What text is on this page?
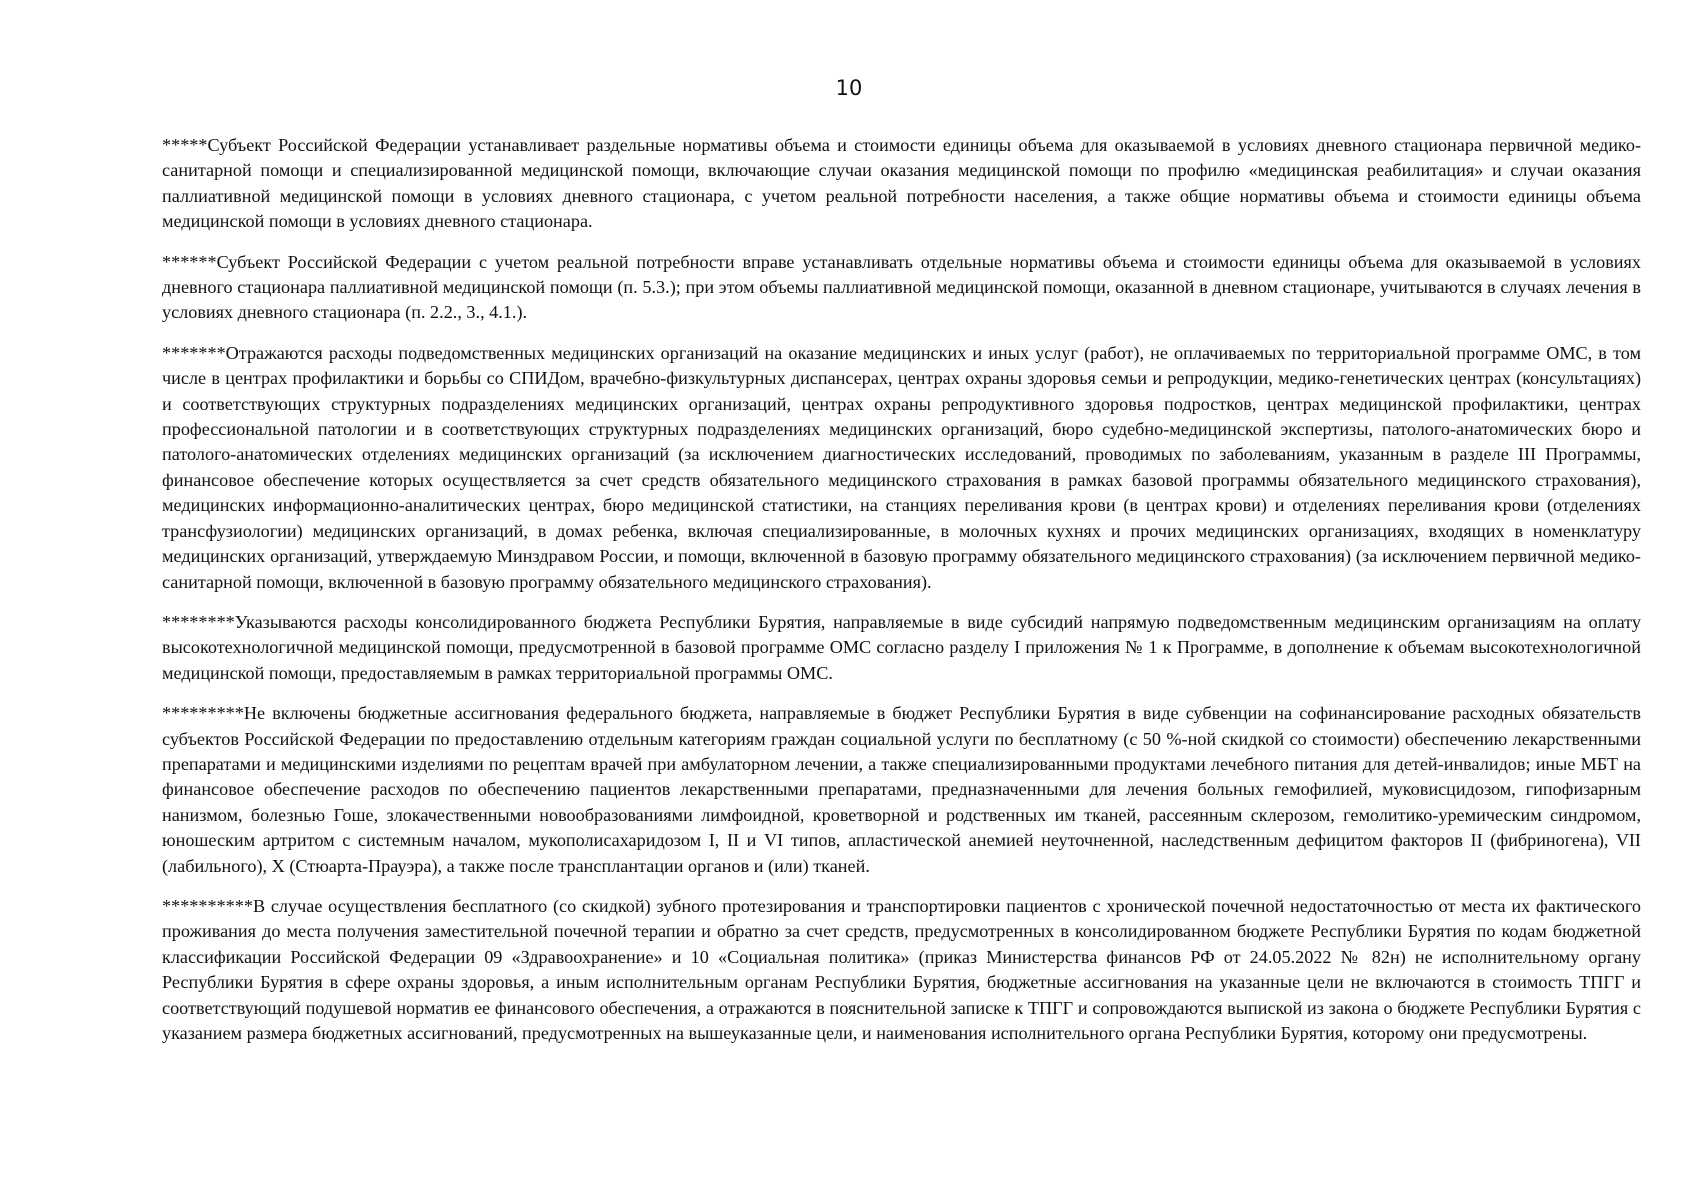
10

*****Субъект Российской Федерации устанавливает раздельные нормативы объема и стоимости единицы объема для оказываемой в условиях дневного стационара первичной медико-санитарной помощи и специализированной медицинской помощи, включающие случаи оказания медицинской помощи по профилю «медицинская реабилитация» и случаи оказания паллиативной медицинской помощи в условиях дневного стационара, с учетом реальной потребности населения, а также общие нормативы объема и стоимости единицы объема медицинской помощи в условиях дневного стационара.

******Субъект Российской Федерации с учетом реальной потребности вправе устанавливать отдельные нормативы объема и стоимости единицы объема для оказываемой в условиях дневного стационара паллиативной медицинской помощи (п. 5.3.); при этом объемы паллиативной медицинской помощи, оказанной в дневном стационаре, учитываются в случаях лечения в условиях дневного стационара (п. 2.2., 3., 4.1.).

*******Отражаются расходы подведомственных медицинских организаций на оказание медицинских и иных услуг (работ), не оплачиваемых по территориальной программе ОМС, в том числе в центрах профилактики и борьбы со СПИДом, врачебно-физкультурных диспансерах, центрах охраны здоровья семьи и репродукции, медико-генетических центрах (консультациях) и соответствующих структурных подразделениях медицинских организаций, центрах охраны репродуктивного здоровья подростков, центрах медицинской профилактики, центрах профессиональной патологии и в соответствующих структурных подразделениях медицинских организаций, бюро судебно-медицинской экспертизы, патолого-анатомических бюро и патолого-анатомических отделениях медицинских организаций (за исключением диагностических исследований, проводимых по заболеваниям, указанным в разделе III Программы, финансовое обеспечение которых осуществляется за счет средств обязательного медицинского страхования в рамках базовой программы обязательного медицинского страхования), медицинских информационно-аналитических центрах, бюро медицинской статистики, на станциях переливания крови (в центрах крови) и отделениях переливания крови (отделениях трансфузиологии) медицинских организаций, в домах ребенка, включая специализированные, в молочных кухнях и прочих медицинских организациях, входящих в номенклатуру медицинских организаций, утверждаемую Минздравом России, и помощи, включенной в базовую программу обязательного медицинского страхования) (за исключением первичной медико-санитарной помощи, включенной в базовую программу обязательного медицинского страхования).

********Указываются расходы консолидированного бюджета Республики Бурятия, направляемые в виде субсидий напрямую подведомственным медицинским организациям на оплату высокотехнологичной медицинской помощи, предусмотренной в базовой программе ОМС согласно разделу I приложения № 1 к Программе, в дополнение к объемам высокотехнологичной медицинской помощи, предоставляемым в рамках территориальной программы ОМС.

*********Не включены бюджетные ассигнования федерального бюджета, направляемые в бюджет Республики Бурятия в виде субвенции на софинансирование расходных обязательств субъектов Российской Федерации по предоставлению отдельным категориям граждан социальной услуги по бесплатному (с 50 %-ной скидкой со стоимости) обеспечению лекарственными препаратами и медицинскими изделиями по рецептам врачей при амбулаторном лечении, а также специализированными продуктами лечебного питания для детей-инвалидов; иные МБТ на финансовое обеспечение расходов по обеспечению пациентов лекарственными препаратами, предназначенными для лечения больных гемофилией, муковисцидозом, гипофизарным нанизмом, болезнью Гоше, злокачественными новообразованиями лимфоидной, кроветворной и родственных им тканей, рассеянным склерозом, гемолитико-уремическим синдромом, юношеским артритом с системным началом, мукополисахаридозом I, II и VI типов, апластической анемией неуточненной, наследственным дефицитом факторов II (фибриногена), VII (лабильного), X (Стюарта-Прауэра), а также после трансплантации органов и (или) тканей.

**********В случае осуществления бесплатного (со скидкой) зубного протезирования и транспортировки пациентов с хронической почечной недостаточностью от места их фактического проживания до места получения заместительной почечной терапии и обратно за счет средств, предусмотренных в консолидированном бюджете Республики Бурятия по кодам бюджетной классификации Российской Федерации 09 «Здравоохранение» и 10 «Социальная политика» (приказ Министерства финансов РФ от 24.05.2022 № 82н) не исполнительному органу Республики Бурятия в сфере охраны здоровья, а иным исполнительным органам Республики Бурятия, бюджетные ассигнования на указанные цели не включаются в стоимость ТПГГ и соответствующий подушевой норматив ее финансового обеспечения, а отражаются в пояснительной записке к ТПГГ и сопровождаются выпиской из закона о бюджете Республики Бурятия с указанием размера бюджетных ассигнований, предусмотренных на вышеуказанные цели, и наименования исполнительного органа Республики Бурятия, которому они предусмотрены.
